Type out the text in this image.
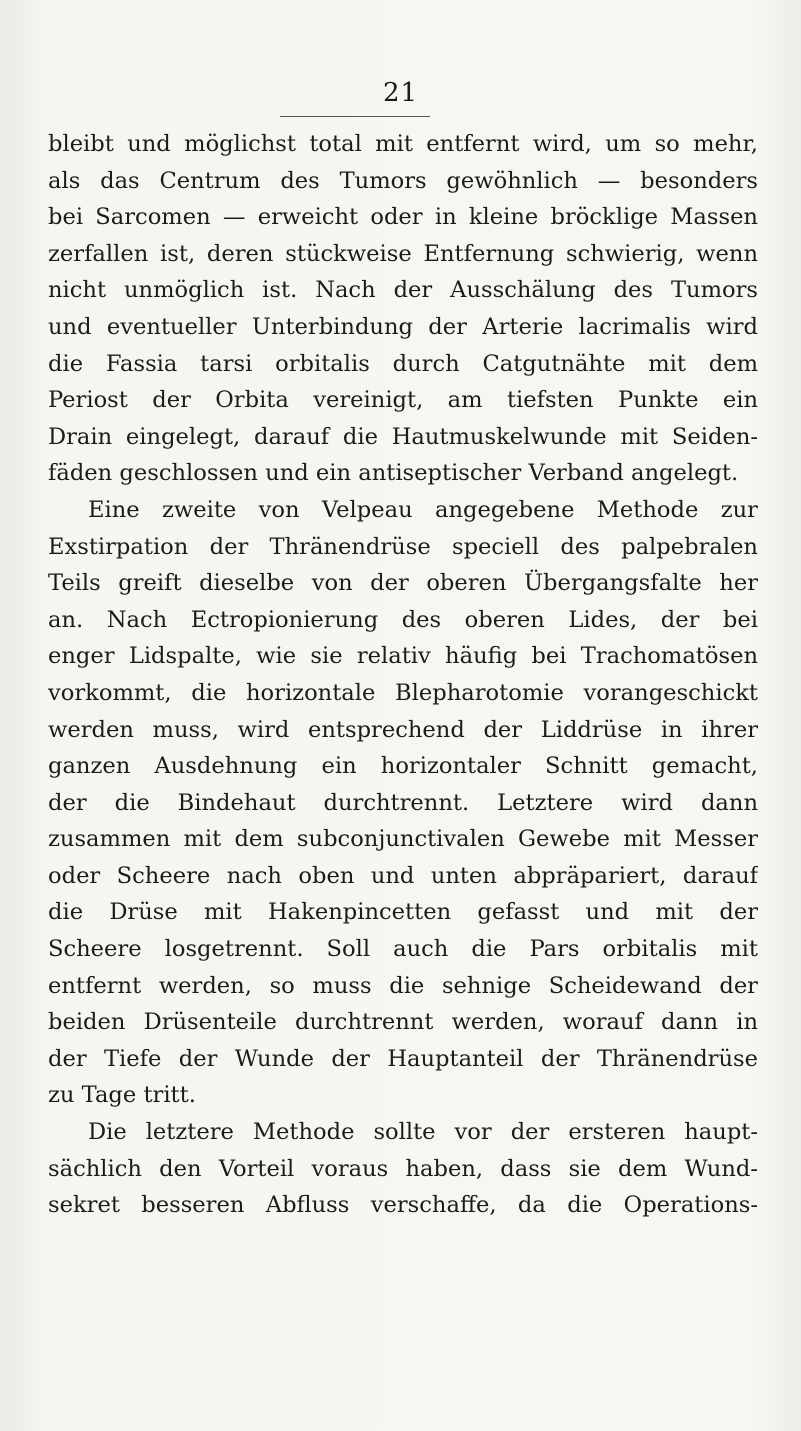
21
bleibt und möglichst total mit entfernt wird, um so mehr,
als das Centrum des Tumors gewöhnlich — besonders
bei Sarcomen — erweicht oder in kleine bröcklige Massen
zerfallen ist, deren stückweise Entfernung schwierig, wenn
nicht unmöglich ist. Nach der Ausschälung des Tumors
und eventueller Unterbindung der Arterie lacrimalis wird
die Fassia tarsi orbitalis durch Catgutnähte mit dem
Periost der Orbita vereinigt, am tiefsten Punkte ein
Drain eingelegt, darauf die Hautmuskelwunde mit Seiden-
fäden geschlossen und ein antiseptischer Verband angelegt.
Eine zweite von Velpeau angegebene Methode zur
Exstirpation der Thränendrüse speciell des palpebralen
Teils greift dieselbe von der oberen Übergangsfalte her
an. Nach Ectropionierung des oberen Lides, der bei
enger Lidspalte, wie sie relativ häufig bei Trachomatösen
vorkommt, die horizontale Blepharotomie vorangeschickt
werden muss, wird entsprechend der Liddrüse in ihrer
ganzen Ausdehnung ein horizontaler Schnitt gemacht,
der die Bindehaut durchtrennt. Letztere wird dann
zusammen mit dem subconjunctivalen Gewebe mit Messer
oder Scheere nach oben und unten abpräpariert, darauf
die Drüse mit Hakenpincetten gefasst und mit der
Scheere losgetrennt. Soll auch die Pars orbitalis mit
entfernt werden, so muss die sehnige Scheidewand der
beiden Drüsenteile durchtrennt werden, worauf dann in
der Tiefe der Wunde der Hauptanteil der Thränendrüse
zu Tage tritt.
Die letztere Methode sollte vor der ersteren haupt-
sächlich den Vorteil voraus haben, dass sie dem Wund-
sekret besseren Abfluss verschaffe, da die Operations-
